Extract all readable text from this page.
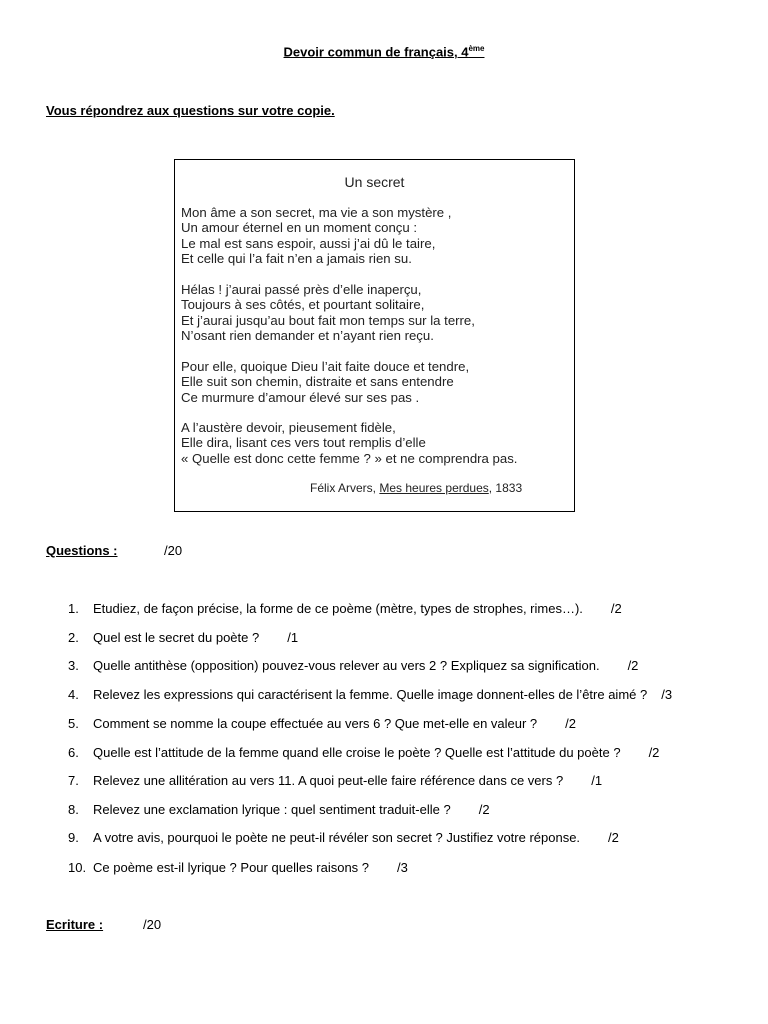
Devoir commun de français, 4ème
Vous répondrez aux questions sur votre copie.
Un secret
Mon âme a son secret, ma vie a son mystère ,
Un amour éternel en un moment conçu :
Le mal est sans espoir, aussi j’ai dû le taire,
Et celle qui l’a fait n’en a jamais rien su.
Hélas ! j’aurai passé près d’elle inaperçu,
Toujours à ses côtés, et pourtant solitaire,
Et j’aurai jusqu’au bout fait mon temps sur la terre,
N’osant rien demander et n’ayant rien reçu.
Pour elle, quoique Dieu l’ait faite douce et tendre,
Elle suit son chemin, distraite et sans entendre
Ce murmure d’amour élevé sur ses pas .
A l’austère devoir, pieusement fidèle,
Elle dira, lisant ces vers tout remplis d’elle
« Quelle est donc cette femme ? » et ne comprendra pas.
Félix Arvers, Mes heures perdues, 1833
Questions :	/20
1. Etudiez, de façon précise, la forme de ce poème (mètre, types de strophes, rimes…). /2
2. Quel est le secret du poète ? /1
3. Quelle antithèse (opposition) pouvez-vous relever au vers 2 ? Expliquez sa signification. /2
4. Relevez les expressions qui caractérisent la femme. Quelle image donnent-elles de l’être aimé ? /3
5. Comment se nomme la coupe effectuée au vers 6 ? Que met-elle en valeur ? /2
6. Quelle est l’attitude de la femme quand elle croise le poète ? Quelle est l’attitude du poète ? /2
7. Relevez une allitération au vers 11. A quoi peut-elle faire référence dans ce vers ? /1
8. Relevez une exclamation lyrique : quel sentiment traduit-elle ? /2
9. A votre avis, pourquoi le poète ne peut-il révéler son secret ? Justifiez votre réponse. /2
10. Ce poème est-il lyrique ? Pour quelles raisons ? /3
Ecriture :	/20
